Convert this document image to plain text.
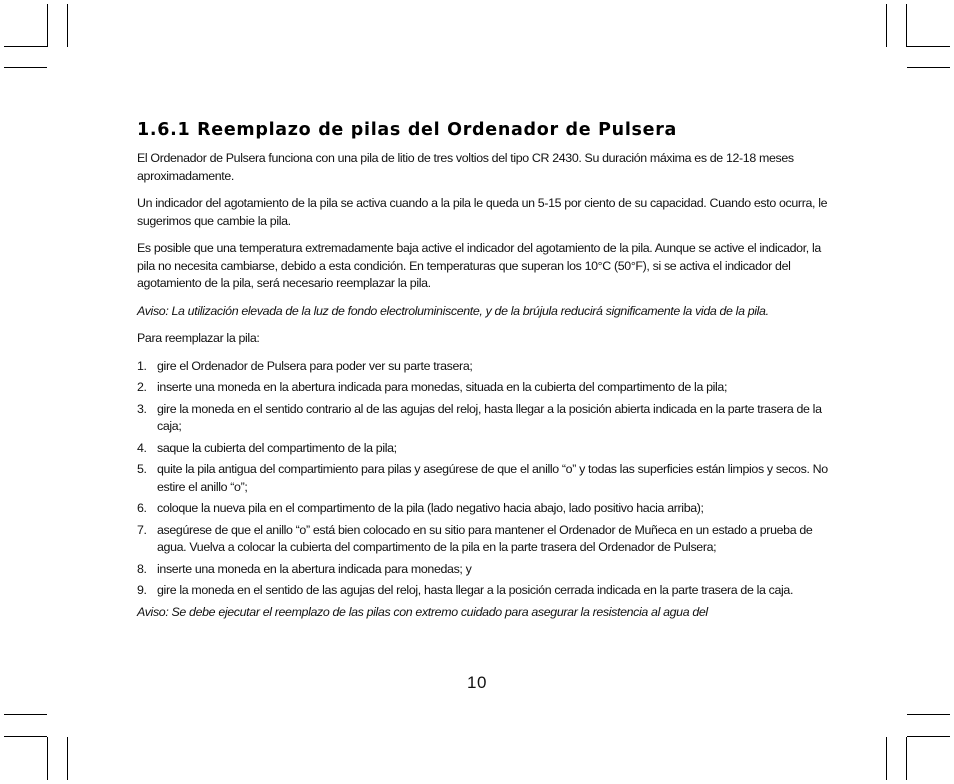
1.6.1 Reemplazo de pilas del Ordenador de Pulsera

El Ordenador de Pulsera funciona con una pila de litio de tres voltios del tipo CR 2430. Su duración máxima es de 12-18 meses aproximadamente.

Un indicador del agotamiento de la pila se activa cuando a la pila le queda un 5-15 por ciento de su capacidad. Cuando esto ocurra, le sugerimos que cambie la pila.

Es posible que una temperatura extremadamente baja active el indicador del agotamiento de la pila. Aunque se active el indicador, la pila no necesita cambiarse, debido a esta condición. En temperaturas que superan los 10°C (50°F), si se activa el indicador del agotamiento de la pila, será necesario reemplazar la pila.

Aviso: La utilización elevada de la luz de fondo electroluminiscente, y de la brújula reducirá significamente la vida de la pila.

Para reemplazar la pila:

1. gire el Ordenador de Pulsera para poder ver su parte trasera;
2. inserte una moneda en la abertura indicada para monedas, situada en la cubierta del compartimento de la pila;
3. gire la moneda en el sentido contrario al de las agujas del reloj, hasta llegar a la posición abierta indicada en la parte trasera de la caja;
4. saque la cubierta del compartimento de la pila;
5. quite la pila antigua del compartimiento para pilas y asegúrese de que el anillo “o” y todas las superficies están limpios y secos. No estire el anillo “o”;
6. coloque la nueva pila en el compartimento de la pila (lado negativo hacia abajo, lado positivo hacia arriba);
7. asegúrese de que el anillo “o” está bien colocado en su sitio para mantener el Ordenador de Muñeca en un estado a prueba de agua. Vuelva a colocar la cubierta del compartimento de la pila en la parte trasera del Ordenador de Pulsera;
8. inserte una moneda en la abertura indicada para monedas; y
9. gire la moneda en el sentido de las agujas del reloj, hasta llegar a la posición cerrada indicada en la parte trasera de la caja.

Aviso: Se debe ejecutar el reemplazo de las pilas con extremo cuidado para asegurar la resistencia al agua del

10
